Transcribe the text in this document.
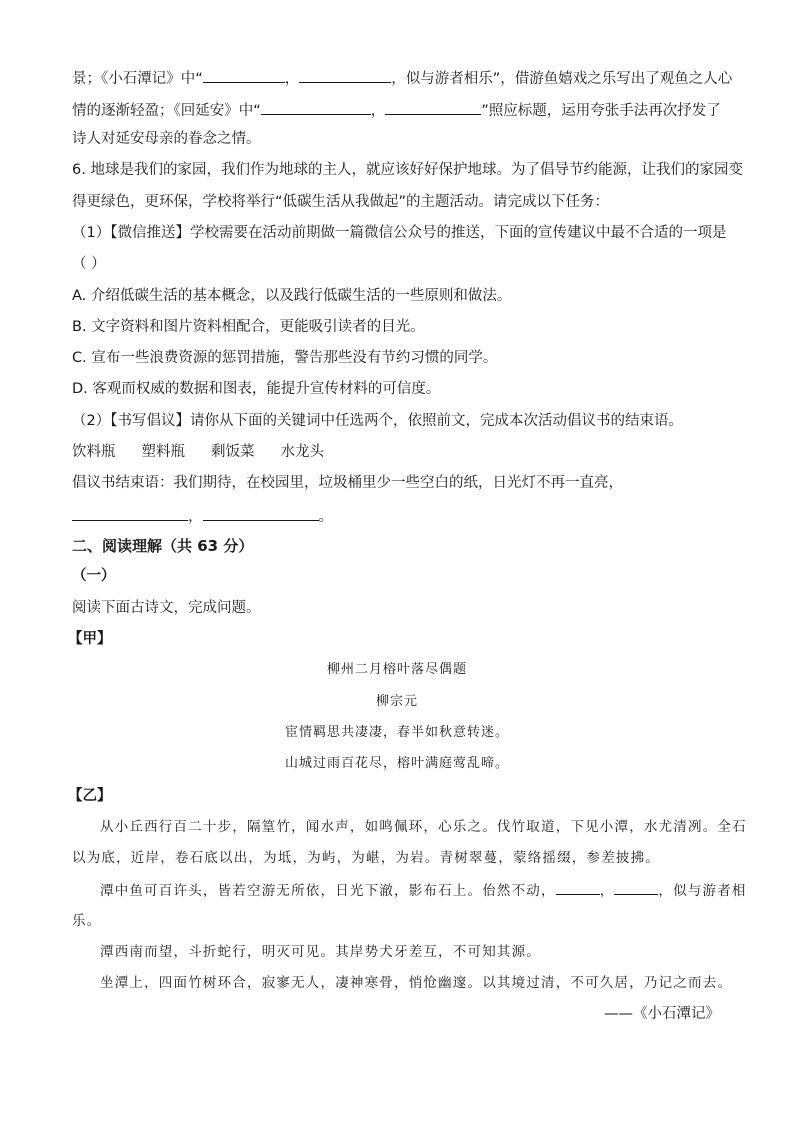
景；《小石潭记》中“	，	，似与游者相乐”，借游鱼嬉戏之乐写出了观鱼之人心
情的逐渐轻盈；《回延安》中“	，	”照应标题，运用夸张手法再次抒发了
诗人对延安母亲的眷念之情。
6. 地球是我们的家园，我们作为地球的主人，就应该好好保护地球。为了倡导节约能源，让我们的家园变
得更绿色，更环保，学校将举行“低碳生活从我做起”的主题活动。请完成以下任务：
（1）【微信推送】学校需要在活动前期做一篇微信公众号的推送，下面的宣传建议中最不合适的一项是
（ ）
A. 介绍低碳生活的基本概念，以及践行低碳生活的一些原则和做法。
B. 文字资料和图片资料相配合，更能吸引读者的目光。
C. 宣布一些浪费资源的惩罚措施，警告那些没有节约习惯的同学。
D. 客观而权威的数据和图表，能提升宣传材料的可信度。
（2）【书写倡议】请你从下面的关键词中任选两个，依照前文，完成本次活动倡议书的结束语。
饮料瓶 塑料瓶 剩饭菜 水龙头
倡议书结束语：我们期待，在校园里，垃圾桶里少一些空白的纸，日光灯不再一直亮，
，	。
二、阅读理解（共 63 分）
（一）
阅读下面古诗文，完成问题。
【甲】
柳州二月榕叶落尽偶题
柳宗元
宦情羁思共凄凄，春半如秋意转迷。
山城过雨百花尽，榕叶满庭莺乱啼。
【乙】
从小丘西行百二十步，隔篁竹，闻水声，如鸣佩环，心乐之。伐竹取道，下见小潭，水尤清冽。全石
以为底，近岸，卷石底以出，为坻，为屿，为嵁，为岩。青树翠蔓，蒙络摇缀，参差披拂。
潭中鱼可百许头，皆若空游无所依，日光下澈，影布石上。佁然不动，	，	，似与游者相
乐。
潭西南而望，斗折蛇行，明灭可见。其岸势犬牙差互，不可知其源。
坐潭上，四面竹树环合，寂寥无人，凄神寒骨，悄怆幽邃。以其境过清，不可久居，乃记之而去。
——《小石潭记》
